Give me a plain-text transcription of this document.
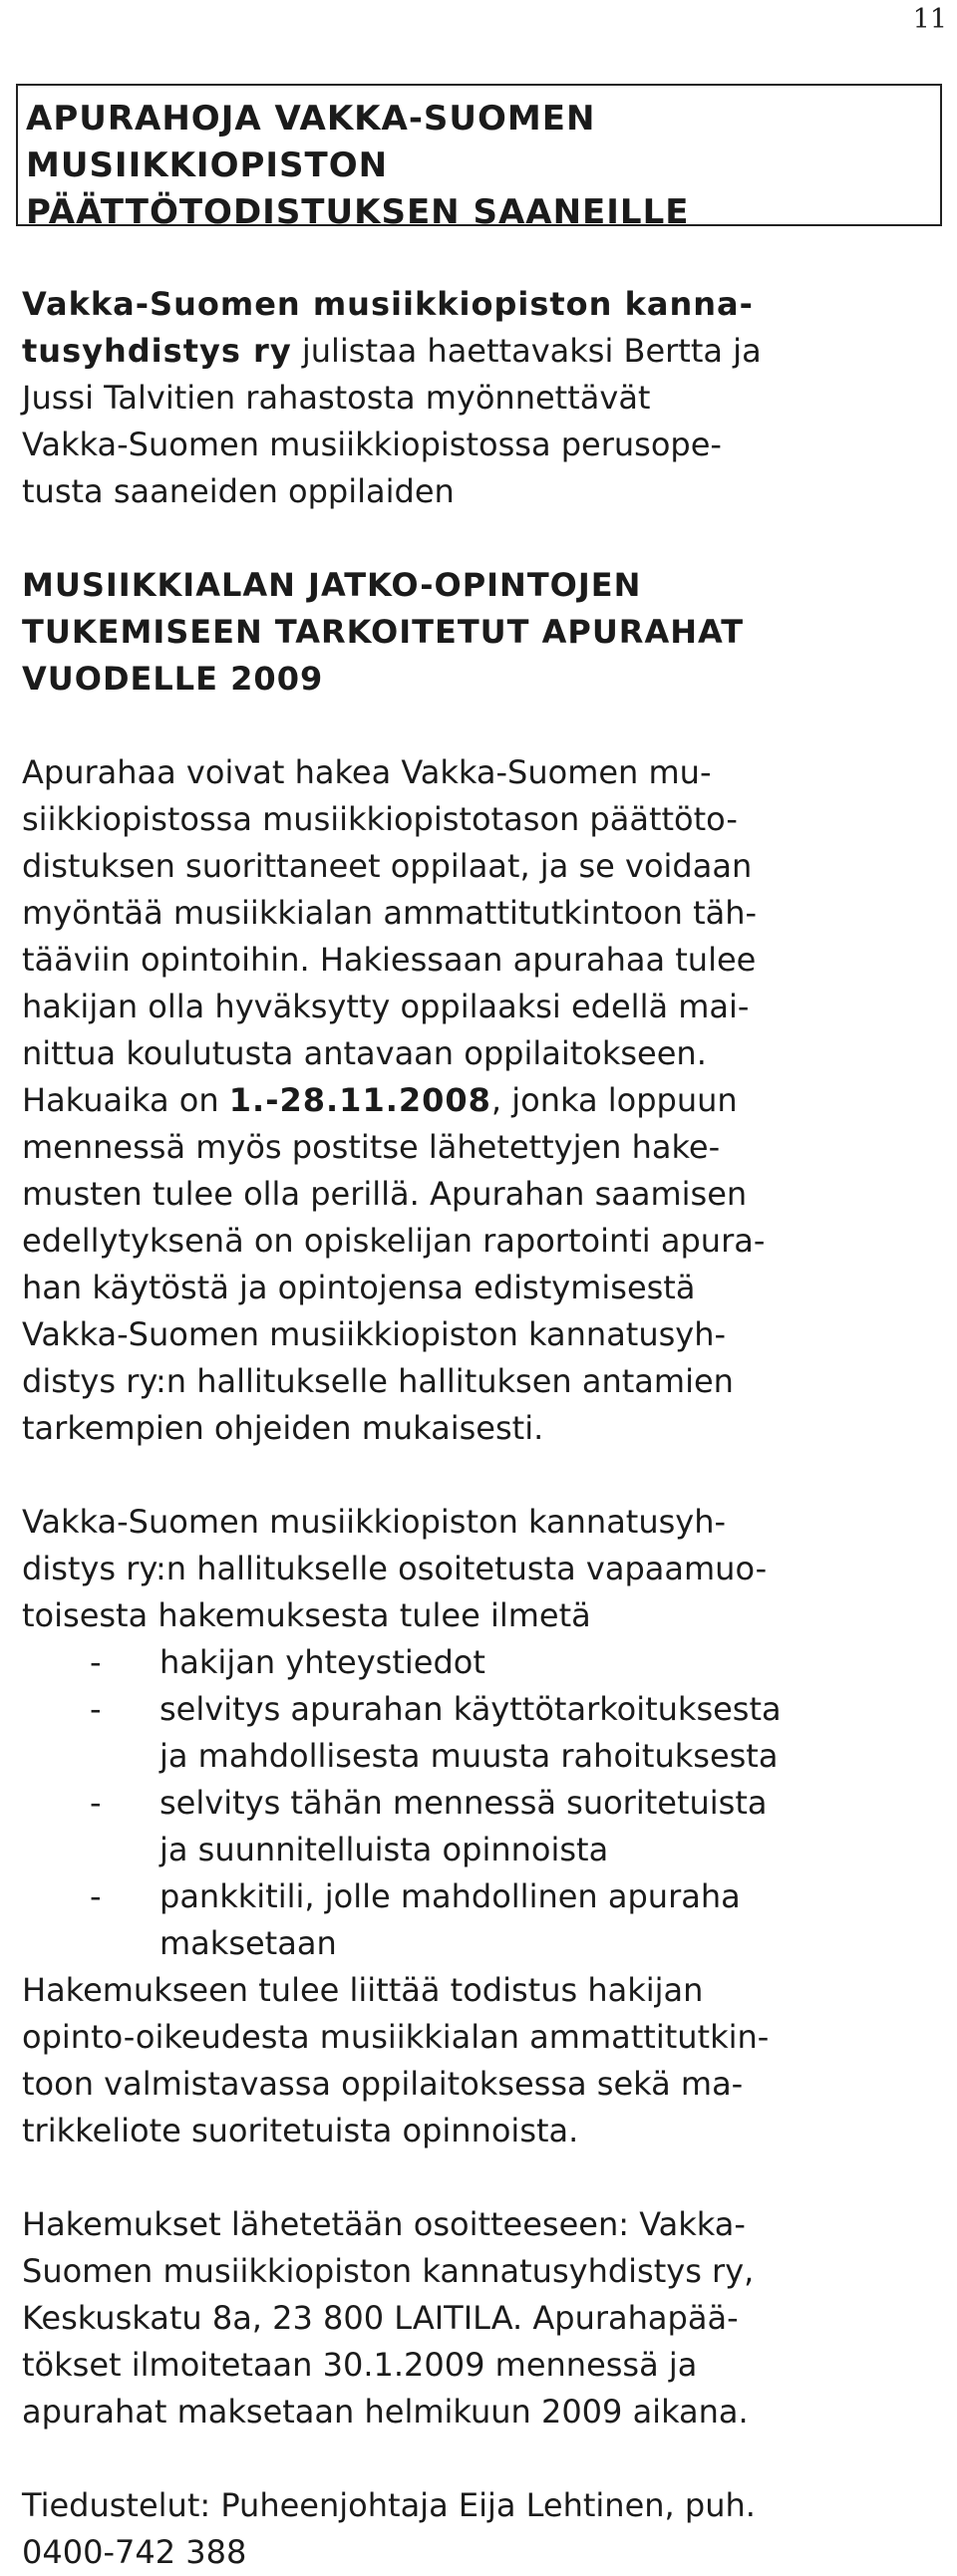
11
APURAHOJA VAKKA-SUOMEN
MUSIIKKIOPISTON
PÄÄTTÖTODISTUKSEN SAANEILLE
Vakka-Suomen musiikkiopiston kanna-
tusyhdistys ry julistaa haettavaksi Bertta ja
Jussi Talvitien rahastosta myönnettävät
Vakka-Suomen musiikkiopistossa perusope-
tusta saaneiden oppilaiden
MUSIIKKIALAN JATKO-OPINTOJEN
TUKEMISEEN TARKOITETUT APURAHAT
VUODELLE 2009
Apurahaa voivat hakea Vakka-Suomen mu-
siikkiopistossa musiikkiopistotason päättöto-
distuksen suorittaneet oppilaat, ja se voidaan
myöntää musiikkialan ammattitutkintoon täh-
tääviin opintoihin. Hakiessaan apurahaa tulee
hakijan olla hyväksytty oppilaaksi edellä mai-
nittua koulutusta antavaan oppilaitokseen.
Hakuaika on 1.-28.11.2008, jonka loppuun
mennessä myös postitse lähetettyjen hake-
musten tulee olla perillä. Apurahan saamisen
edellytyksenä on opiskelijan raportointi apura-
han käytöstä ja opintojensa edistymisestä
Vakka-Suomen musiikkiopiston kannatusyh-
distys ry:n hallitukselle hallituksen antamien
tarkempien ohjeiden mukaisesti.
Vakka-Suomen musiikkiopiston kannatusyh-
distys ry:n hallitukselle osoitetusta vapaamuo-
toisesta hakemuksesta tulee ilmetä
- hakijan yhteystiedot
- selvitys apurahan käyttötarkoituksesta
ja mahdollisesta muusta rahoituksesta
- selvitys tähän mennessä suoritetuista
ja suunnitelluista opinnoista
- pankkitili, jolle mahdollinen apuraha
maksetaan
Hakemukseen tulee liittää todistus hakijan
opinto-oikeudesta musiikkialan ammattitutkin-
toon valmistavassa oppilaitoksessa sekä ma-
trikkeliote suoritetuista opinnoista.
Hakemukset lähetetään osoitteeseen: Vakka-
Suomen musiikkiopiston kannatusyhdistys ry,
Keskuskatu 8a, 23 800 LAITILA. Apurahapää-
tökset ilmoitetaan 30.1.2009 mennessä ja
apurahat maksetaan helmikuun 2009 aikana.
Tiedustelut: Puheenjohtaja Eija Lehtinen, puh.
0400-742 388
